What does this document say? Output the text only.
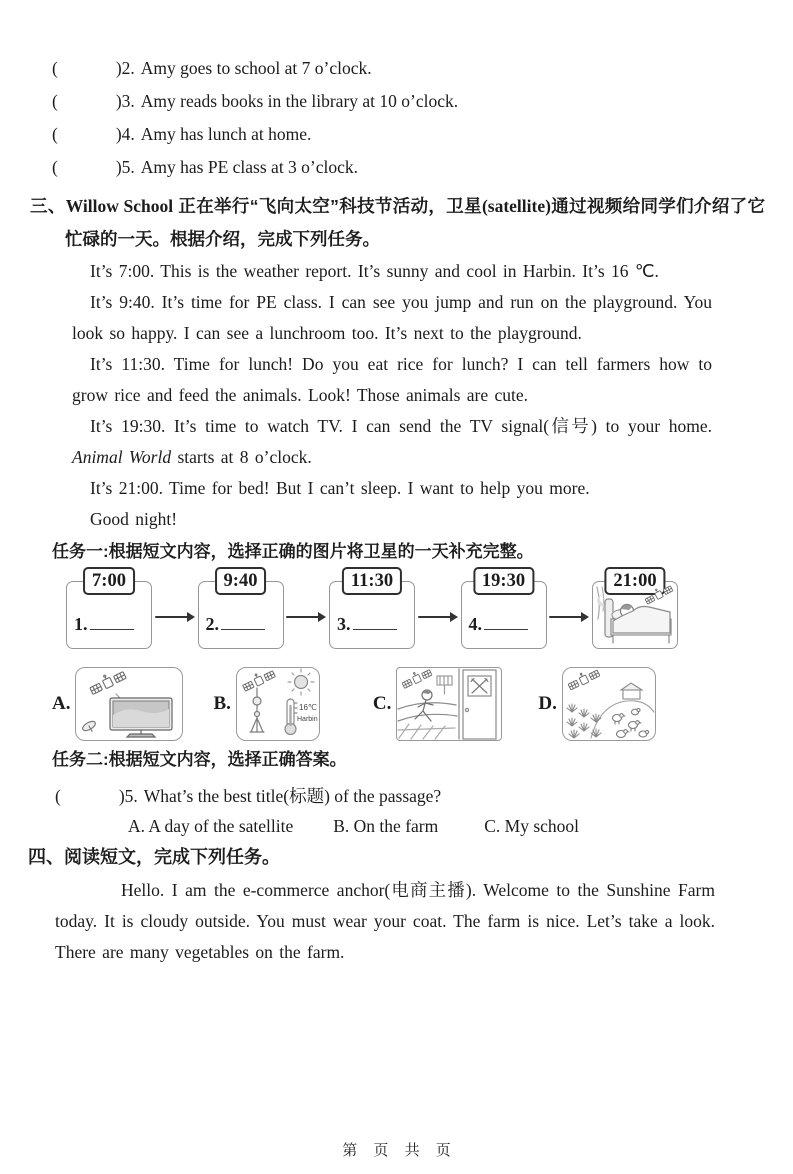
(	)2. Amy goes to school at 7 o’clock.
(	)3. Amy reads books in the library at 10 o’clock.
(	)4. Amy has lunch at home.
(	)5. Amy has PE class at 3 o’clock.
三、Willow School 正在举行“飞向太空”科技节活动，卫星(satellite)通过视频给同学们介绍了它忙碌的一天。根据介绍，完成下列任务。

It’s 7:00. This is the weather report. It’s sunny and cool in Harbin. It’s 16 ℃.

It’s 9:40. It’s time for PE class. I can see you jump and run on the playground. You look so happy. I can see a lunchroom too. It’s next to the playground.

It’s 11:30. Time for lunch! Do you eat rice for lunch? I can tell farmers how to grow rice and feed the animals. Look! Those animals are cute.

It’s 19:30. It’s time to watch TV. I can send the TV signal(信号) to your home. Animal World starts at 8 o’clock.

It’s 21:00. Time for bed! But I can’t sleep. I want to help you more.

Good night!

任务一:根据短文内容，选择正确的图片将卫星的一天补充完整。
7:00
1.
9:40
2.
11:30
3.
19:30
4.
21:00
A.	B.	16℃
Harbin
C.	D.
任务二:根据短文内容，选择正确答案。
(	)5. What’s the best title(标题) of the passage?
A. A day of the satellite B. On the farm	C. My school
四、阅读短文，完成下列任务。

Hello. I am the e-commerce anchor(电商主播). Welcome to the Sunshine Farm today. It is cloudy outside. You must wear your coat. The farm is nice. Let’s take a look. There are many vegetables on the farm.

第 页 共 页
